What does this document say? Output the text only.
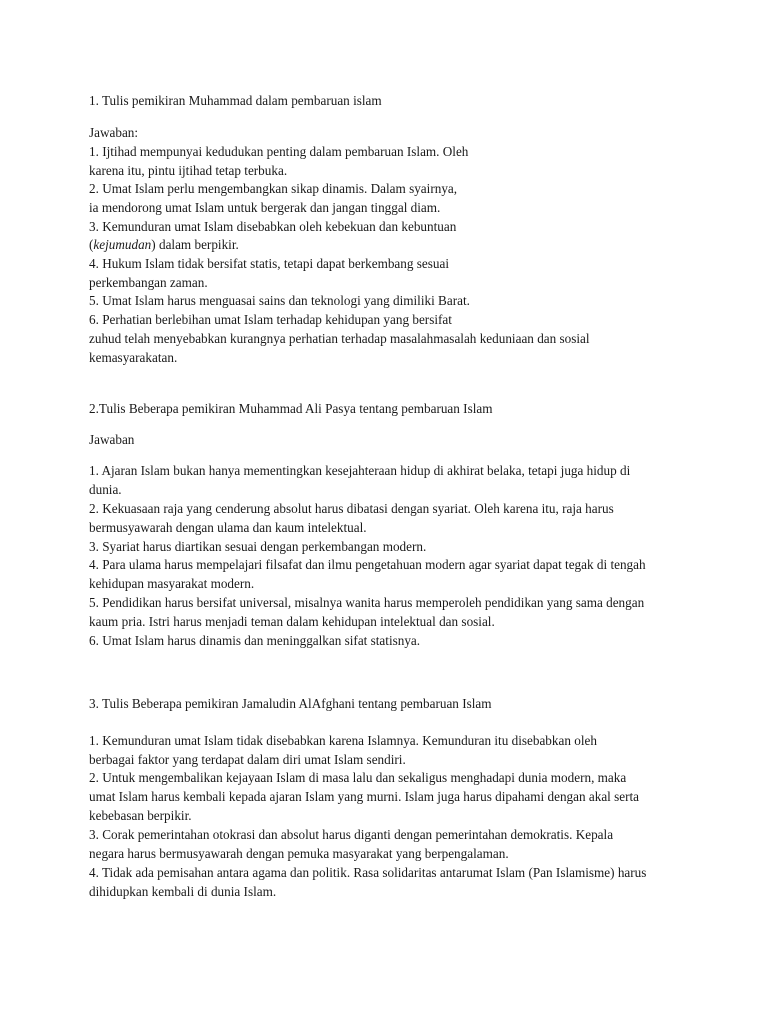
1. Tulis pemikiran Muhammad dalam pembaruan islam
Jawaban:
1. Ijtihad mempunyai kedudukan penting dalam pembaruan Islam. Oleh
karena itu, pintu ijtihad tetap terbuka.
2. Umat Islam perlu mengembangkan sikap dinamis. Dalam syairnya,
ia mendorong umat Islam untuk bergerak dan jangan tinggal diam.
3. Kemunduran umat Islam disebabkan oleh kebekuan dan kebuntuan
(kejumudan) dalam berpikir.
4. Hukum Islam tidak bersifat statis, tetapi dapat berkembang sesuai
perkembangan zaman.
5. Umat Islam harus menguasai sains dan teknologi yang dimiliki Barat.
6. Perhatian berlebihan umat Islam terhadap kehidupan yang bersifat
zuhud telah menyebabkan kurangnya perhatian terhadap masalahmasalah keduniaan dan sosial
kemasyarakatan.
2.Tulis Beberapa pemikiran Muhammad Ali Pasya tentang pembaruan Islam
Jawaban
1. Ajaran Islam bukan hanya mementingkan kesejahteraan hidup di akhirat belaka, tetapi juga hidup di
dunia.
2. Kekuasaan raja yang cenderung absolut harus dibatasi dengan syariat. Oleh karena itu, raja harus
bermusyawarah dengan ulama dan kaum intelektual.
3. Syariat harus diartikan sesuai dengan perkembangan modern.
4. Para ulama harus mempelajari filsafat dan ilmu pengetahuan modern agar syariat dapat tegak di tengah
kehidupan masyarakat modern.
5. Pendidikan harus bersifat universal, misalnya wanita harus memperoleh pendidikan yang sama dengan
kaum pria. Istri harus menjadi teman dalam kehidupan intelektual dan sosial.
6. Umat Islam harus dinamis dan meninggalkan sifat statisnya.
3. Tulis Beberapa pemikiran Jamaludin AlAfghani tentang pembaruan Islam
1. Kemunduran umat Islam tidak disebabkan karena Islamnya. Kemunduran itu disebabkan oleh
berbagai faktor yang terdapat dalam diri umat Islam sendiri.
2. Untuk mengembalikan kejayaan Islam di masa lalu dan sekaligus menghadapi dunia modern, maka
umat Islam harus kembali kepada ajaran Islam yang murni. Islam juga harus dipahami dengan akal serta
kebebasan berpikir.
3. Corak pemerintahan otokrasi dan absolut harus diganti dengan pemerintahan demokratis. Kepala
negara harus bermusyawarah dengan pemuka masyarakat yang berpengalaman.
4. Tidak ada pemisahan antara agama dan politik. Rasa solidaritas antarumat Islam (Pan Islamisme) harus
dihidupkan kembali di dunia Islam.
